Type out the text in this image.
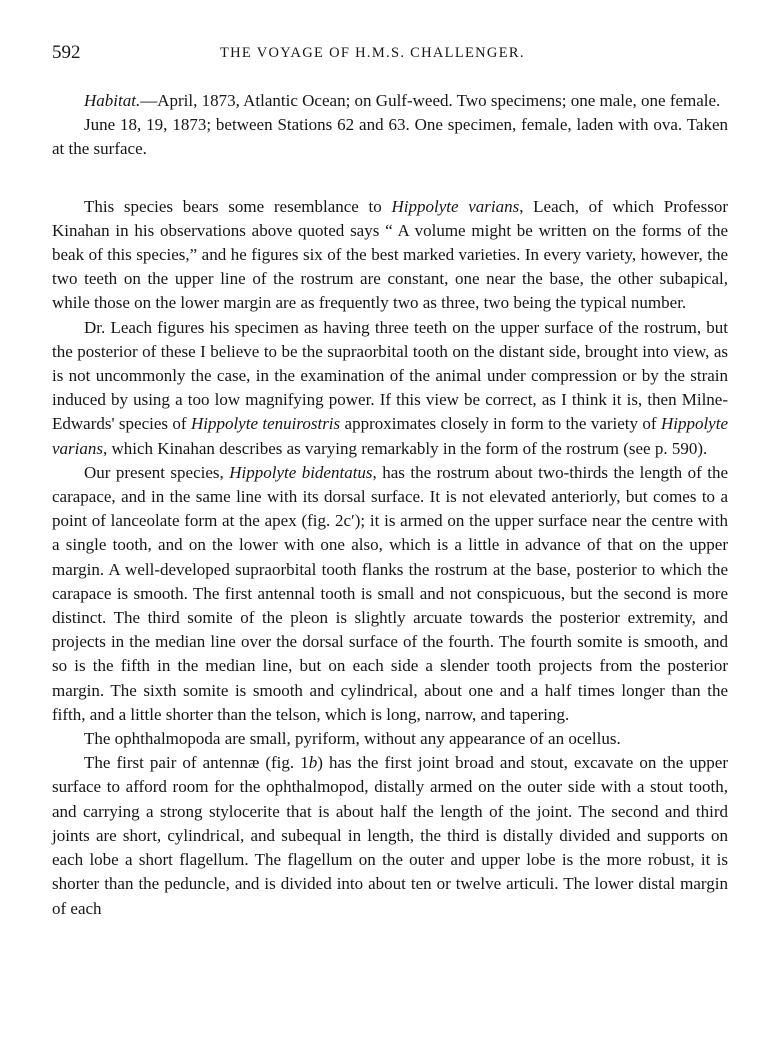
592	THE VOYAGE OF H.M.S. CHALLENGER.

Habitat.—April, 1873, Atlantic Ocean; on Gulf-weed. Two specimens; one male, one female.

June 18, 19, 1873; between Stations 62 and 63. One specimen, female, laden with ova. Taken at the surface.

This species bears some resemblance to Hippolyte varians, Leach, of which Professor Kinahan in his observations above quoted says “ A volume might be written on the forms of the beak of this species,” and he figures six of the best marked varieties. In every variety, however, the two teeth on the upper line of the rostrum are constant, one near the base, the other subapical, while those on the lower margin are as frequently two as three, two being the typical number.

Dr. Leach figures his specimen as having three teeth on the upper surface of the rostrum, but the posterior of these I believe to be the supraorbital tooth on the distant side, brought into view, as is not uncommonly the case, in the examination of the animal under compression or by the strain induced by using a too low magnifying power. If this view be correct, as I think it is, then Milne-Edwards' species of Hippolyte tenuirostris approximates closely in form to the variety of Hippolyte varians, which Kinahan describes as varying remarkably in the form of the rostrum (see p. 590).

Our present species, Hippolyte bidentatus, has the rostrum about two-thirds the length of the carapace, and in the same line with its dorsal surface. It is not elevated anteriorly, but comes to a point of lanceolate form at the apex (fig. 2c′); it is armed on the upper surface near the centre with a single tooth, and on the lower with one also, which is a little in advance of that on the upper margin. A well-developed supraorbital tooth flanks the rostrum at the base, posterior to which the carapace is smooth. The first antennal tooth is small and not conspicuous, but the second is more distinct. The third somite of the pleon is slightly arcuate towards the posterior extremity, and projects in the median line over the dorsal surface of the fourth. The fourth somite is smooth, and so is the fifth in the median line, but on each side a slender tooth projects from the posterior margin. The sixth somite is smooth and cylindrical, about one and a half times longer than the fifth, and a little shorter than the telson, which is long, narrow, and tapering.

The ophthalmopoda are small, pyriform, without any appearance of an ocellus.

The first pair of antennæ (fig. 1b) has the first joint broad and stout, excavate on the upper surface to afford room for the ophthalmopod, distally armed on the outer side with a stout tooth, and carrying a strong stylocerite that is about half the length of the joint. The second and third joints are short, cylindrical, and subequal in length, the third is distally divided and supports on each lobe a short flagellum. The flagellum on the outer and upper lobe is the more robust, it is shorter than the peduncle, and is divided into about ten or twelve articuli. The lower distal margin of each
